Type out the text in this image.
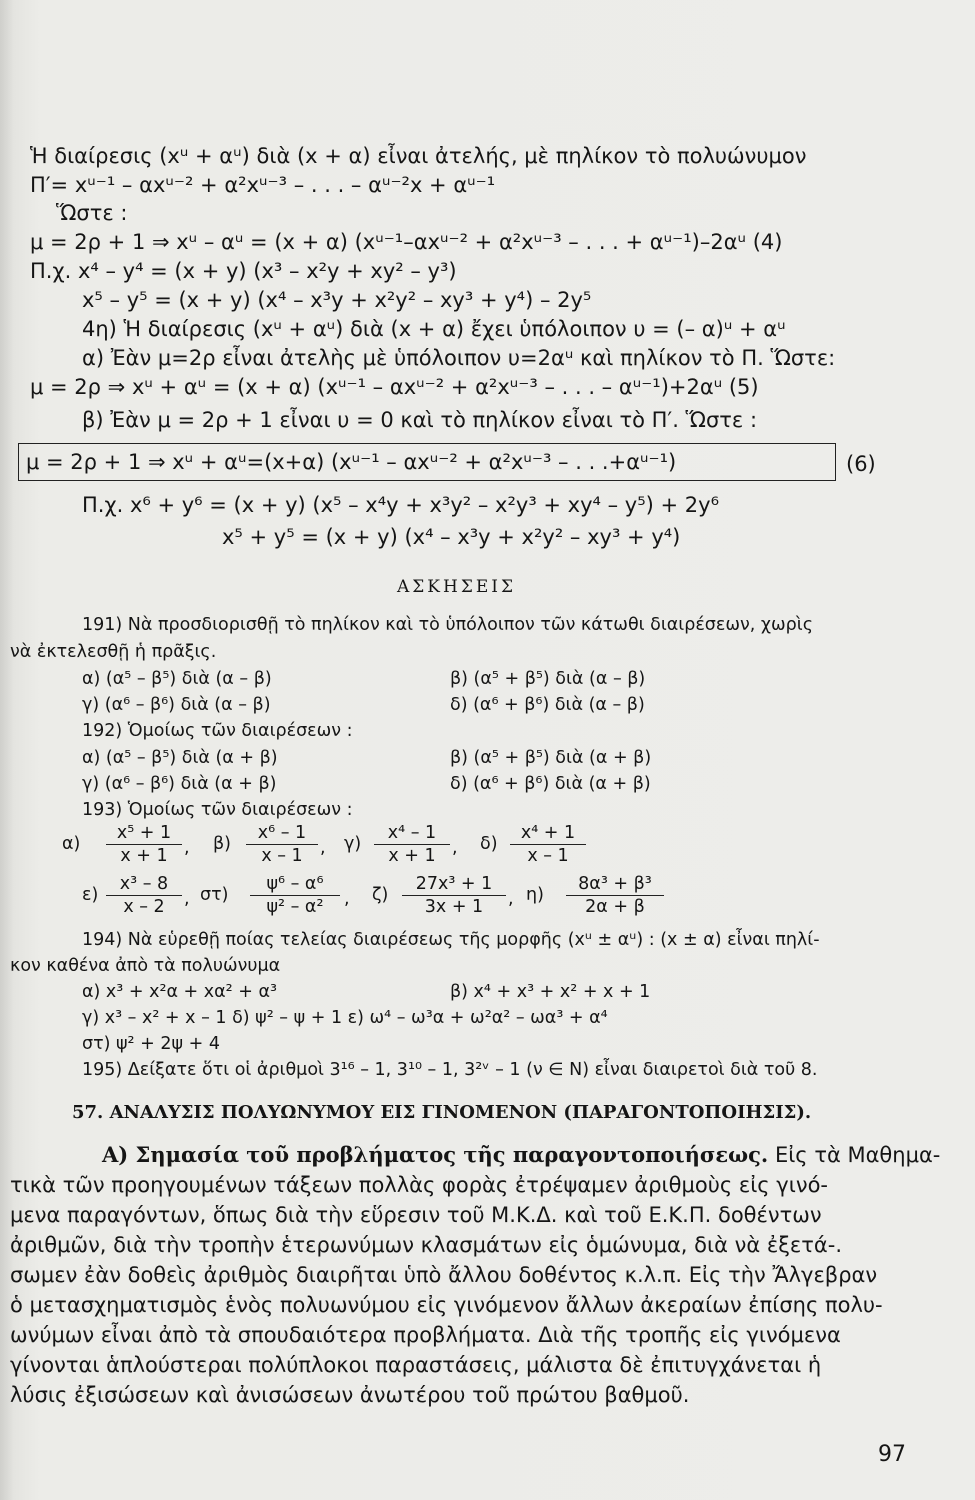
Ἡ διαίρεσις (xᵘ + αᵘ) διὰ (x + α) εἶναι ἀτελής, μὲ πηλίκον τὸ πολυώνυμον
Π′= xᵘ⁻¹ – αxᵘ⁻² + α²xᵘ⁻³ – . . . – αᵘ⁻²x + αᵘ⁻¹
Ὥστε :
μ = 2ρ + 1 ⇒ xᵘ – αᵘ = (x + α) (xᵘ⁻¹–αxᵘ⁻² + α²xᵘ⁻³ – . . . + αᵘ⁻¹)–2αᵘ (4)
Π.χ. x⁴ – y⁴ = (x + y) (x³ – x²y + xy² – y³)
x⁵ – y⁵ = (x + y) (x⁴ – x³y + x²y² – xy³ + y⁴) – 2y⁵
4η) Ἡ διαίρεσις (xᵘ + αᵘ) διὰ (x + α) ἔχει ὑπόλοιπον υ = (– α)ᵘ + αᵘ
α) Ἐὰν μ=2ρ εἶναι ἀτελὴς μὲ ὑπόλοιπον υ=2αᵘ καὶ πηλίκον τὸ Π. Ὥστε:
μ = 2ρ ⇒ xᵘ + αᵘ = (x + α) (xᵘ⁻¹ – αxᵘ⁻² + α²xᵘ⁻³ – . . . – αᵘ⁻¹)+2αᵘ (5)
β) Ἐὰν μ = 2ρ + 1 εἶναι υ = 0 καὶ τὸ πηλίκον εἶναι τὸ Π′. Ὥστε :
μ = 2ρ + 1 ⇒ xᵘ + αᵘ=(x+α) (xᵘ⁻¹ – αxᵘ⁻² + α²xᵘ⁻³ – . . .+αᵘ⁻¹)	(6)
Π.χ. x⁶ + y⁶ = (x + y) (x⁵ – x⁴y + x³y² – x²y³ + xy⁴ – y⁵) + 2y⁶
x⁵ + y⁵ = (x + y) (x⁴ – x³y + x²y² – xy³ + y⁴)
ΑΣΚΗΣΕΙΣ
191) Νὰ προσδιορισθῇ τὸ πηλίκον καὶ τὸ ὑπόλοιπον τῶν κάτωθι διαιρέσεων, χωρὶς
νὰ ἐκτελεσθῇ ἡ πρᾶξις.
α) (α⁵ – β⁵) διὰ (α – β)	β) (α⁵ + β⁵) διὰ (α – β)
γ) (α⁶ – β⁶) διὰ (α – β)	δ) (α⁶ + β⁶) διὰ (α – β)
192) Ὁμοίως τῶν διαιρέσεων :
α) (α⁵ – β⁵) διὰ (α + β)	β) (α⁵ + β⁵) διὰ (α + β)
γ) (α⁶ – β⁶) διὰ (α + β)	δ) (α⁶ + β⁶) διὰ (α + β)
193) Ὁμοίως τῶν διαιρέσεων :
$\alpha) \frac{\text{x⁵ + 1}}{x + 1}$ , $\beta) \frac{\text{x⁶ – 1}}{x - 1}$ , $\gamma) \frac{\text{x⁴ – 1}}{x + 1}$ , $\delta) \frac{\text{x⁴ + 1}}{x - 1}$
$\varepsilon) \frac{\text{x³ – 8}}{x - 2}$ , $\sigma\tau) \frac{\text{ψ⁶ – α⁶}}{\text{ψ² – α²}}$ , $\zeta) \frac{\text{27x³ + 1}}{3x + 1}$ , $\eta) \frac{\text{8α³ + β³}}{2\alpha + \beta}$
194) Νὰ εὑρεθῇ ποίας τελείας διαιρέσεως τῆς μορφῆς (xᵘ ± αᵘ) : (x ± α) εἶναι πηλί-
κον καθένα ἀπὸ τὰ πολυώνυμα
α) x³ + x²α + xα² + α³	β) x⁴ + x³ + x² + x + 1
γ) x³ – x² + x – 1 δ) ψ² – ψ + 1 ε) ω⁴ – ω³α + ω²α² – ωα³ + α⁴
στ) ψ² + 2ψ + 4
195) Δείξατε ὅτι οἱ ἀριθμοὶ 3¹⁶ – 1, 3¹⁰ – 1, 3²ᵛ – 1 (ν ∈ N) εἶναι διαιρετοὶ διὰ τοῦ 8.
57. ΑΝΑΛΥΣΙΣ ΠΟΛΥΩΝΥΜΟΥ ΕΙΣ ΓΙΝΟΜΕΝΟΝ (ΠΑΡΑΓΟΝΤΟΠΟΙΗΣΙΣ).
Α) Σημασία τοῦ προβλήματος τῆς παραγοντοποιήσεως. Εἰς τὰ Μαθημα-
τικὰ τῶν προηγουμένων τάξεων πολλὰς φορὰς ἐτρέψαμεν ἀριθμοὺς εἰς γινό-
μενα παραγόντων, ὅπως διὰ τὴν εὕρεσιν τοῦ Μ.Κ.Δ. καὶ τοῦ Ε.Κ.Π. δοθέντων
ἀριθμῶν, διὰ τὴν τροπὴν ἑτερωνύμων κλασμάτων εἰς ὁμώνυμα, διὰ νὰ ἐξετά-.
σωμεν ἐὰν δοθεὶς ἀριθμὸς διαιρῆται ὑπὸ ἄλλου δοθέντος κ.λ.π. Εἰς τὴν Ἄλγεβραν
ὁ μετασχηματισμὸς ἑνὸς πολυωνύμου εἰς γινόμενον ἄλλων ἀκεραίων ἐπίσης πολυ-
ωνύμων εἶναι ἀπὸ τὰ σπουδαιότερα προβλήματα. Διὰ τῆς τροπῆς εἰς γινόμενα
γίνονται ἁπλούστεραι πολύπλοκοι παραστάσεις, μάλιστα δὲ ἐπιτυγχάνεται ἡ
λύσις ἐξισώσεων καὶ ἀνισώσεων ἀνωτέρου τοῦ πρώτου βαθμοῦ.
97
